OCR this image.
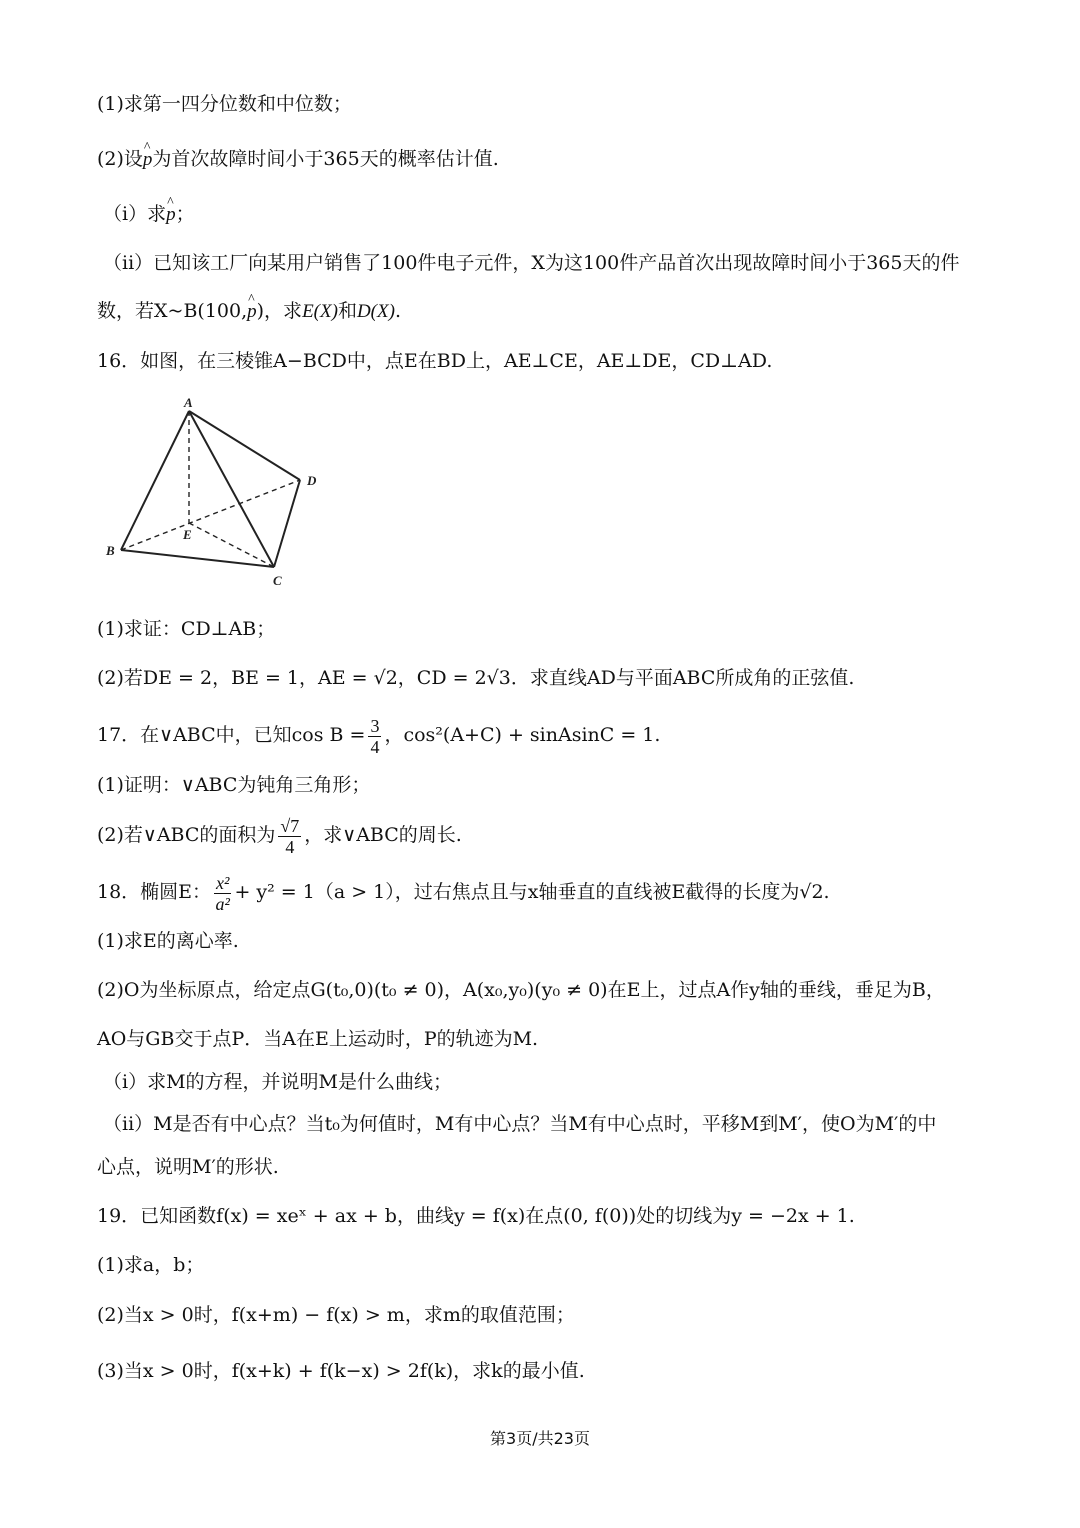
(1)求第一四分位数和中位数；
(2)设^ p为首次故障时间小于365天的概率估计值.
（i）求^ p；
（ii）已知该工厂向某用户销售了100件电子元件，X为这100件产品首次出现故障时间小于365天的件
数，若X~B(100,^ p)，求E(X)和D(X).
16．如图，在三棱锥A−BCD中，点E在BD上，AE⊥CE，AE⊥DE，CD⊥AD.
A
B
C
D
E
(1)求证：CD⊥AB；
(2)若DE = 2，BE = 1，AE = √2，CD = 2√3．求直线AD与平面ABC所成角的正弦值.
17．在∨ABC中，已知$\cos B = \frac{3}{4}$ ，cos²(A+C) + sinAsinC = 1.
(1)证明：∨ABC为钝角三角形；
(2)若∨ABC的面积为 $\frac{√7}{4}$ ，求∨ABC的周长.
18．椭圆E： $\frac{\text{x²}}{\text{a²}} + y^2 = 1(a > 1)$，过右焦点且与x轴垂直的直线被E截得的长度为√2.
(1)求E的离心率.
(2)O为坐标原点，给定点G(t₀,0)(t₀ ≠ 0)，A(x₀,y₀)(y₀ ≠ 0)在E上，过点A作y轴的垂线，垂足为B，
AO与GB交于点P．当A在E上运动时，P的轨迹为M.
（i）求M的方程，并说明M是什么曲线；
（ii）M是否有中心点？当t₀为何值时，M有中心点？当M有中心点时，平移M到M′，使O为M′的中
心点，说明M′的形状.
19．已知函数f(x) = xeˣ + ax + b，曲线y = f(x)在点(0, f(0))处的切线为y = −2x + 1.
(1)求a，b；
(2)当x > 0时，f(x+m) − f(x) > m，求m的取值范围；
(3)当x > 0时，f(x+k) + f(k−x) > 2f(k)，求k的最小值.
第3页/共23页
